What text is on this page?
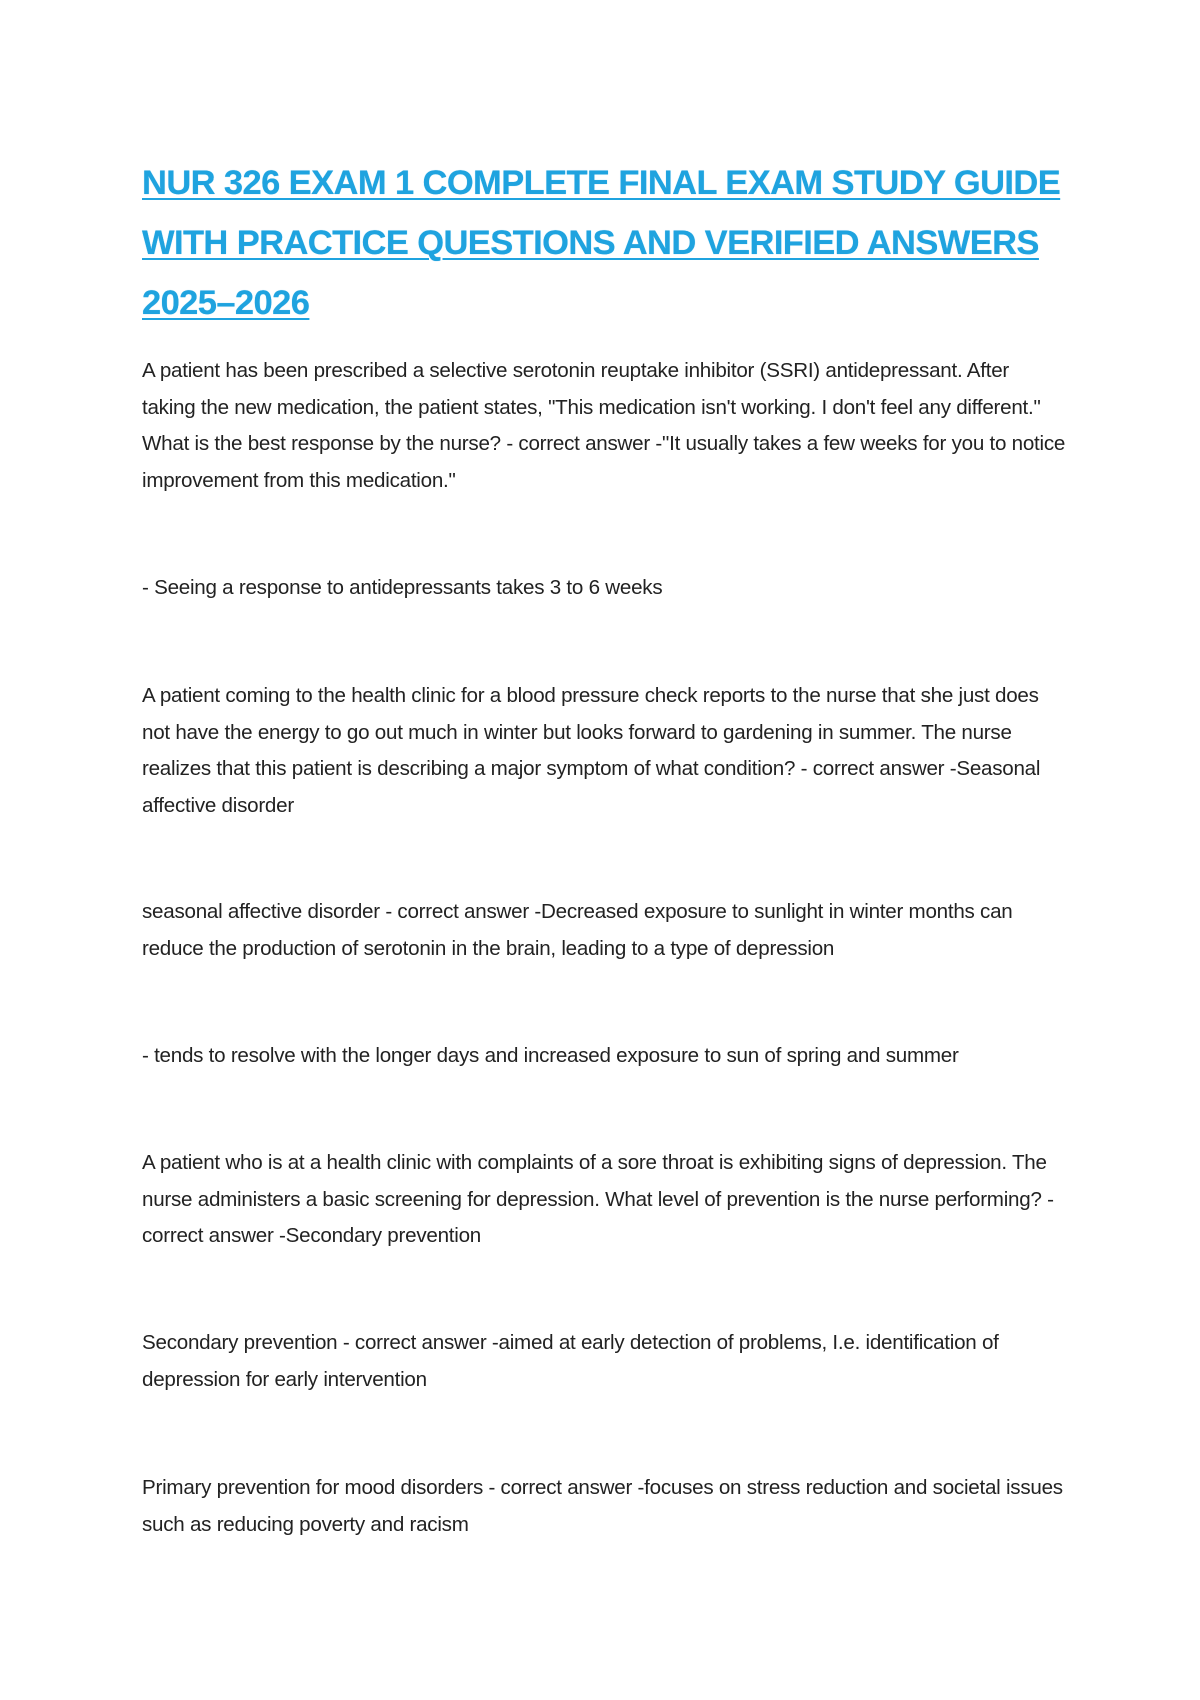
NUR 326 EXAM 1 COMPLETE FINAL EXAM STUDY GUIDE
WITH PRACTICE QUESTIONS AND VERIFIED ANSWERS
2025–2026

A patient has been prescribed a selective serotonin reuptake inhibitor (SSRI) antidepressant. After taking the new medication, the patient states, "This medication isn't working. I don't feel any different." What is the best response by the nurse? - correct answer -"It usually takes a few weeks for you to notice improvement from this medication."

- Seeing a response to antidepressants takes 3 to 6 weeks

A patient coming to the health clinic for a blood pressure check reports to the nurse that she just does not have the energy to go out much in winter but looks forward to gardening in summer. The nurse realizes that this patient is describing a major symptom of what condition? - correct answer -Seasonal affective disorder

seasonal affective disorder - correct answer -Decreased exposure to sunlight in winter months can reduce the production of serotonin in the brain, leading to a type of depression

- tends to resolve with the longer days and increased exposure to sun of spring and summer

A patient who is at a health clinic with complaints of a sore throat is exhibiting signs of depression. The nurse administers a basic screening for depression. What level of prevention is the nurse performing? - correct answer -Secondary prevention

Secondary prevention - correct answer -aimed at early detection of problems, I.e. identification of depression for early intervention

Primary prevention for mood disorders - correct answer -focuses on stress reduction and societal issues such as reducing poverty and racism
